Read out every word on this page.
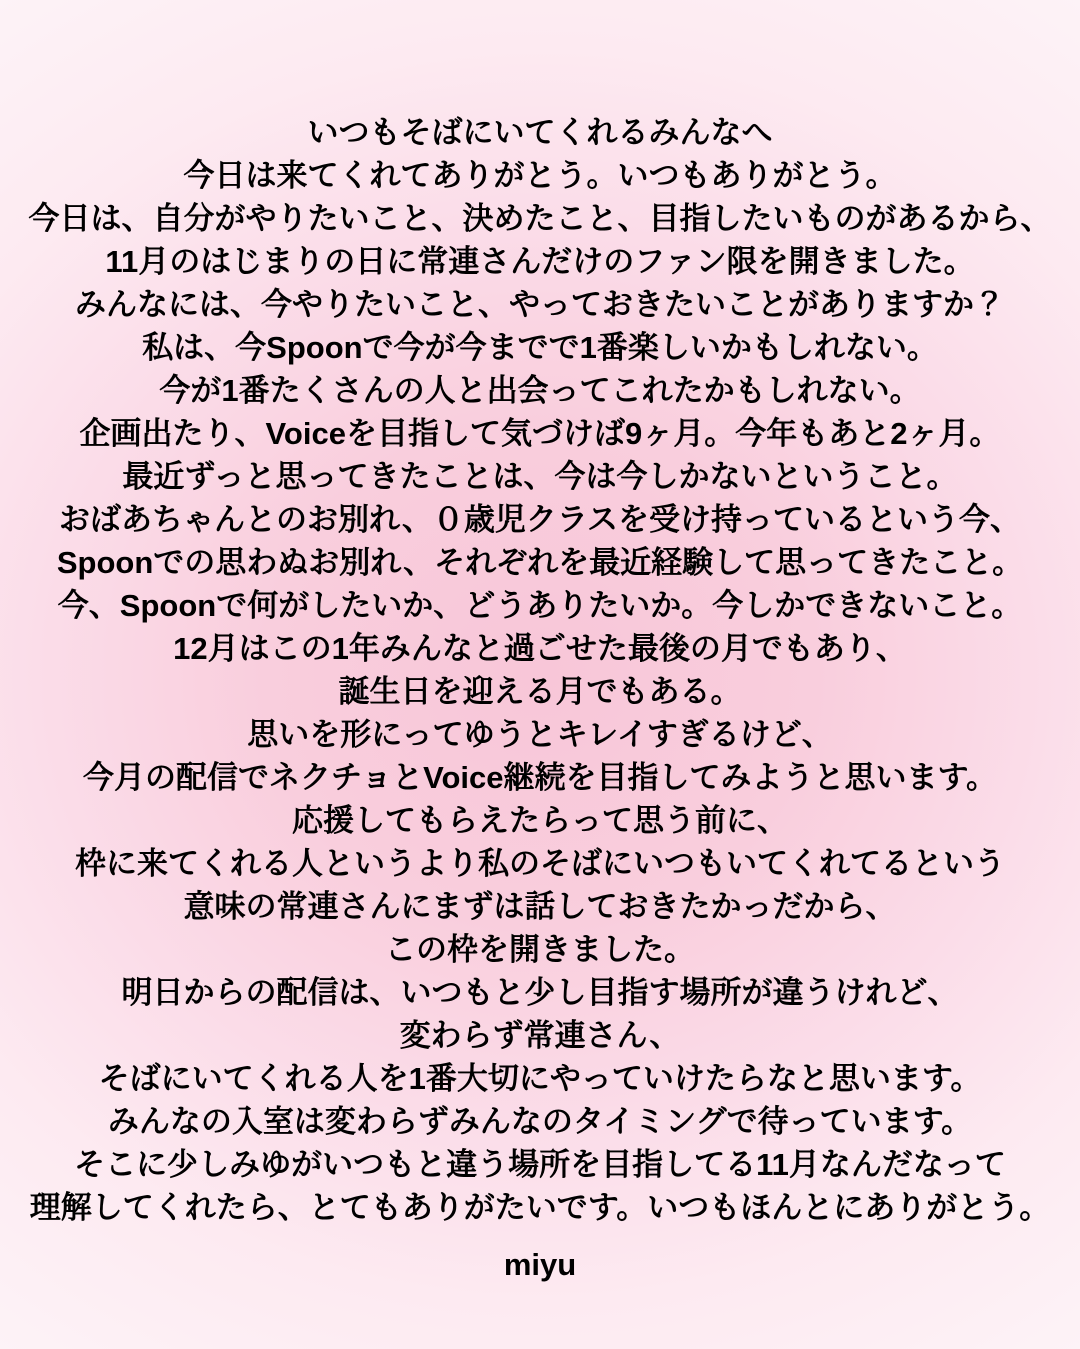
いつもそばにいてくれるみんなへ
今日は来てくれてありがとう。いつもありがとう。
今日は、自分がやりたいこと、決めたこと、目指したいものがあるから、
11月のはじまりの日に常連さんだけのファン限を開きました。
みんなには、今やりたいこと、やっておきたいことがありますか？
私は、今Spoonで今が今までで1番楽しいかもしれない。
今が1番たくさんの人と出会ってこれたかもしれない。
企画出たり、Voiceを目指して気づけば9ヶ月。今年もあと2ヶ月。
最近ずっと思ってきたことは、今は今しかないということ。
おばあちゃんとのお別れ、０歳児クラスを受け持っているという今、
Spoonでの思わぬお別れ、それぞれを最近経験して思ってきたこと。
今、Spoonで何がしたいか、どうありたいか。今しかできないこと。
12月はこの1年みんなと過ごせた最後の月でもあり、
誕生日を迎える月でもある。
思いを形にってゆうとキレイすぎるけど、
今月の配信でネクチョとVoice継続を目指してみようと思います。
応援してもらえたらって思う前に、
枠に来てくれる人というより私のそばにいつもいてくれてるという
意味の常連さんにまずは話しておきたかっだから、
この枠を開きました。
明日からの配信は、いつもと少し目指す場所が違うけれど、
変わらず常連さん、
そばにいてくれる人を1番大切にやっていけたらなと思います。
みんなの入室は変わらずみんなのタイミングで待っています。
そこに少しみゆがいつもと違う場所を目指してる11月なんだなって
理解してくれたら、とてもありがたいです。いつもほんとにありがとう。
miyu
